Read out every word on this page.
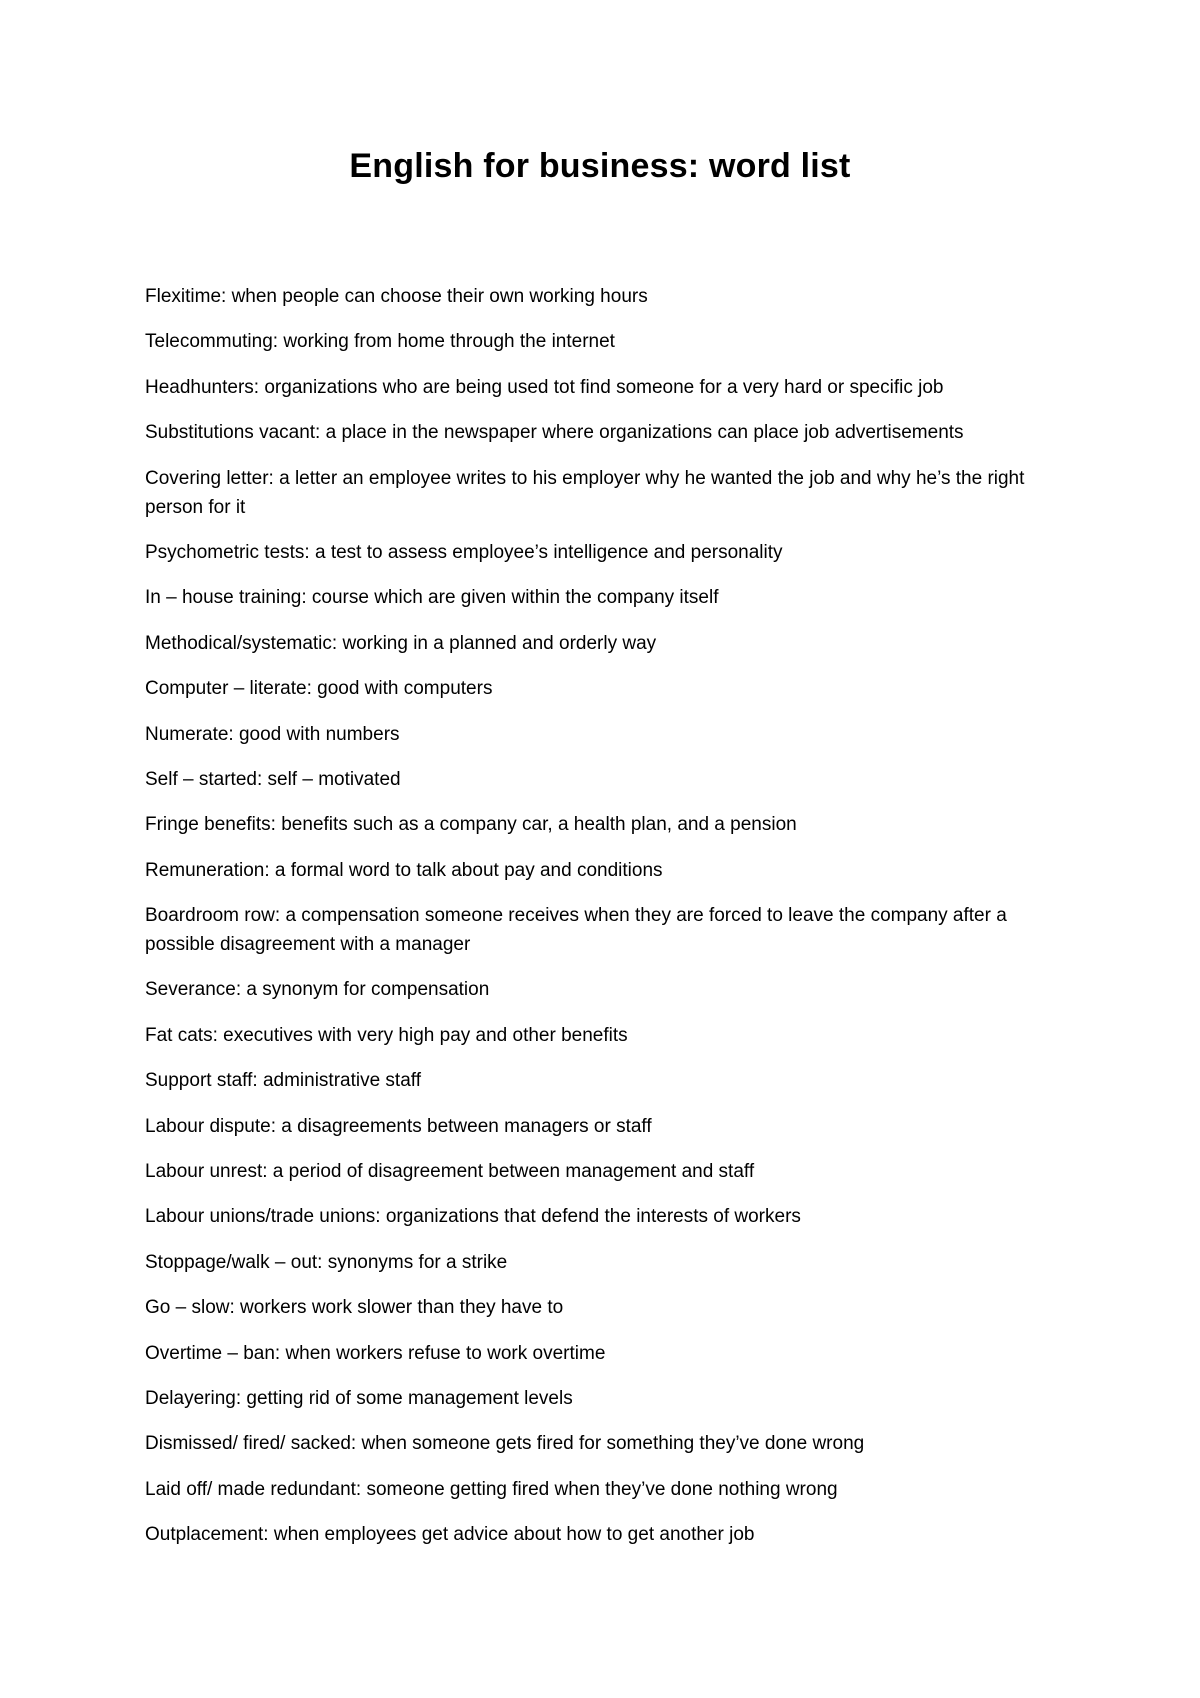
English for business: word list
Flexitime: when people can choose their own working hours
Telecommuting: working from home through the internet
Headhunters: organizations who are being used tot find someone for a very hard or specific job
Substitutions vacant: a place in the newspaper where organizations can place job advertisements
Covering letter: a letter an employee writes to his employer why he wanted the job and why he’s the right person for it
Psychometric tests: a test to assess employee’s intelligence and personality
In – house training: course which are given within the company itself
Methodical/systematic: working in a planned and orderly way
Computer – literate: good with computers
Numerate: good with numbers
Self – started: self – motivated
Fringe benefits: benefits such as a company car, a health plan, and a pension
Remuneration: a formal word to talk about pay and conditions
Boardroom row: a compensation someone receives when they are forced to leave the company after a possible disagreement with a manager
Severance: a synonym for compensation
Fat cats: executives with very high pay and other benefits
Support staff: administrative staff
Labour dispute: a disagreements between managers or staff
Labour unrest: a period of disagreement between management and staff
Labour unions/trade unions: organizations that defend the interests of workers
Stoppage/walk – out: synonyms for a strike
Go – slow: workers work slower than they have to
Overtime – ban: when workers refuse to work overtime
Delayering: getting rid of some management levels
Dismissed/ fired/ sacked: when someone gets fired for something they’ve done wrong
Laid off/ made redundant: someone getting fired when they’ve done nothing wrong
Outplacement: when employees get advice about how to get another job
